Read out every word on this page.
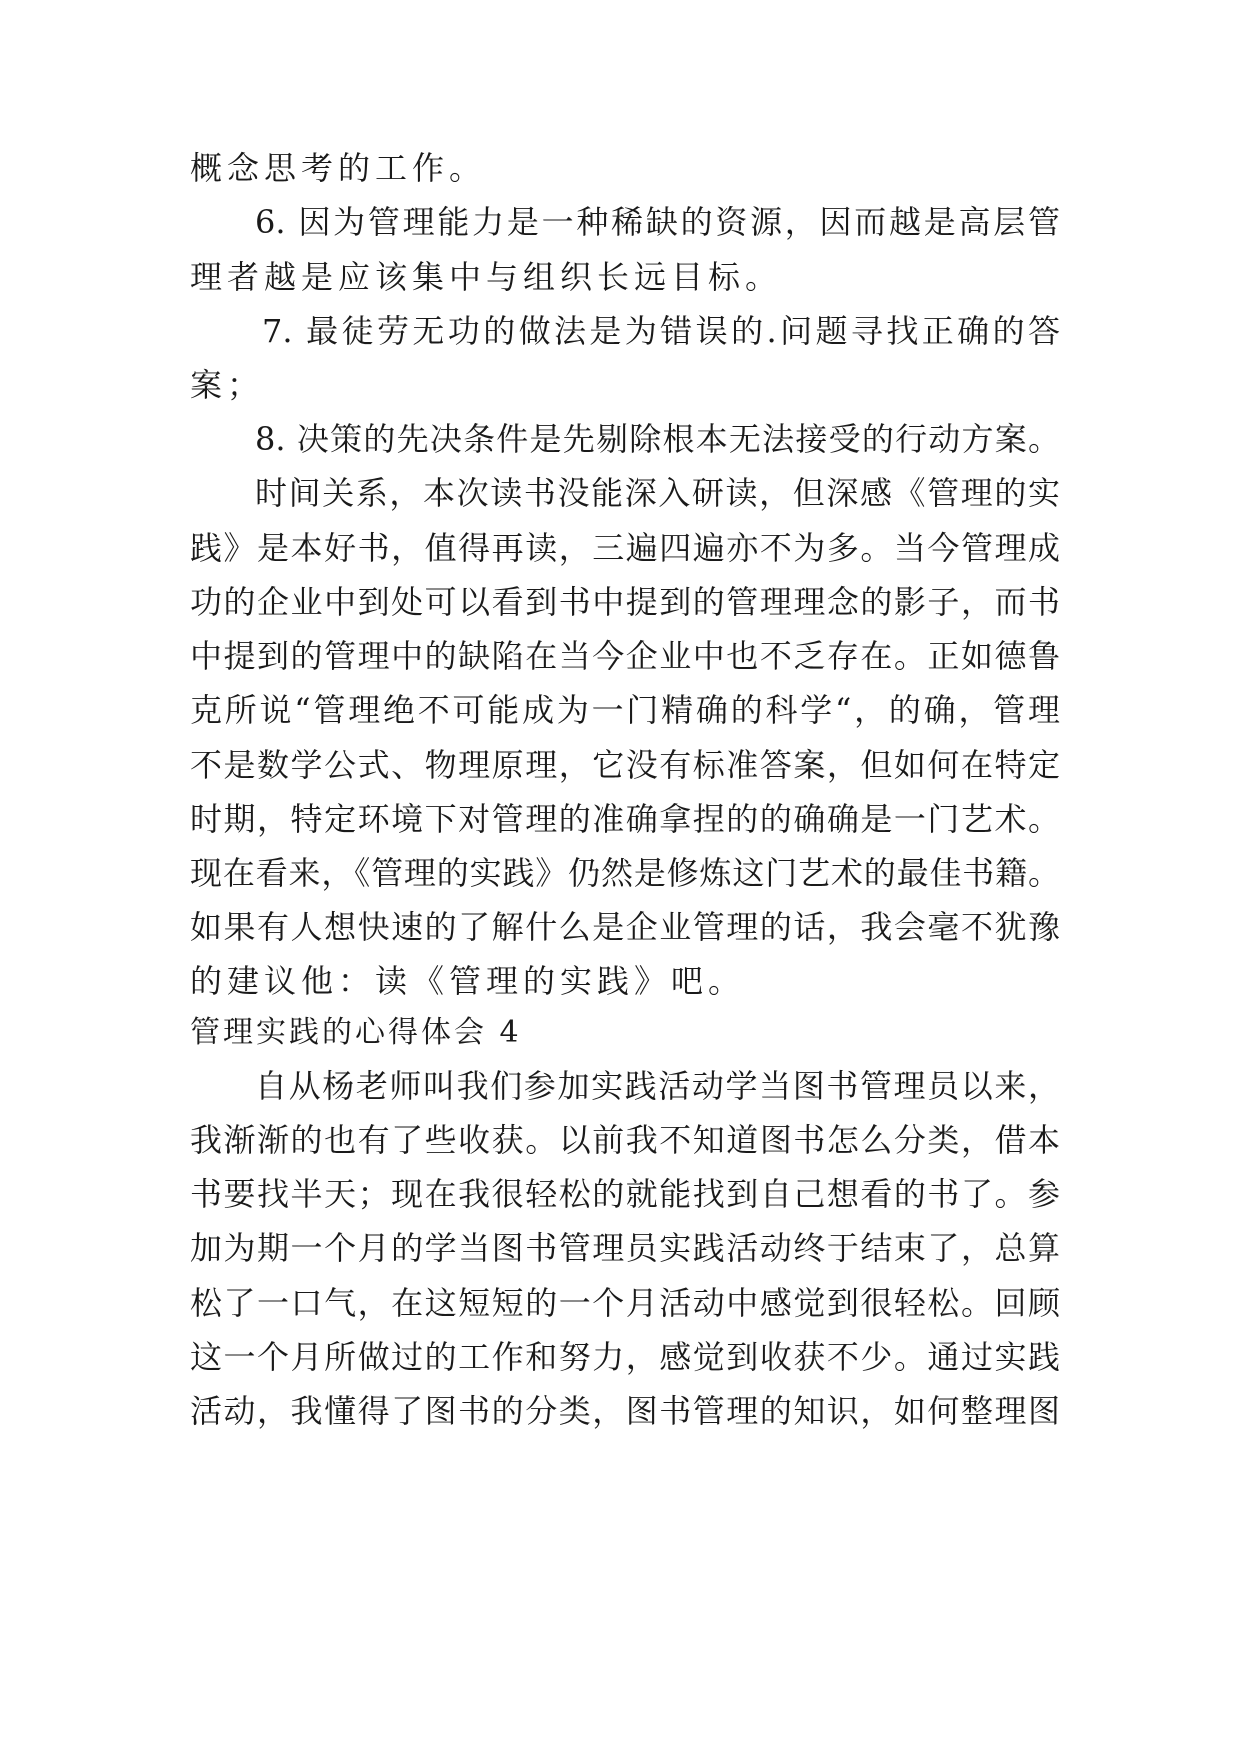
概念思考的工作。
6. 因为管理能力是一种稀缺的资源，因而越是高层管
理者越是应该集中与组织长远目标。
7. 最徒劳无功的做法是为错误的.问题寻找正确的答
案；
8. 决策的先决条件是先剔除根本无法接受的行动方案。
时间关系，本次读书没能深入研读，但深感《管理的实
践》是本好书，值得再读，三遍四遍亦不为多。当今管理成
功的企业中到处可以看到书中提到的管理理念的影子，而书
中提到的管理中的缺陷在当今企业中也不乏存在。正如德鲁
克所说“管理绝不可能成为一门精确的科学“，的确，管理
不是数学公式、物理原理，它没有标准答案，但如何在特定
时期，特定环境下对管理的准确拿捏的的确确是一门艺术。
现在看来，《管理的实践》仍然是修炼这门艺术的最佳书籍。
如果有人想快速的了解什么是企业管理的话，我会毫不犹豫
的建议他：读《管理的实践》吧。
管理实践的心得体会 4
自从杨老师叫我们参加实践活动学当图书管理员以来，
我渐渐的也有了些收获。以前我不知道图书怎么分类，借本
书要找半天；现在我很轻松的就能找到自己想看的书了。参
加为期一个月的学当图书管理员实践活动终于结束了，总算
松了一口气，在这短短的一个月活动中感觉到很轻松。回顾
这一个月所做过的工作和努力，感觉到收获不少。通过实践
活动，我懂得了图书的分类，图书管理的知识，如何整理图
